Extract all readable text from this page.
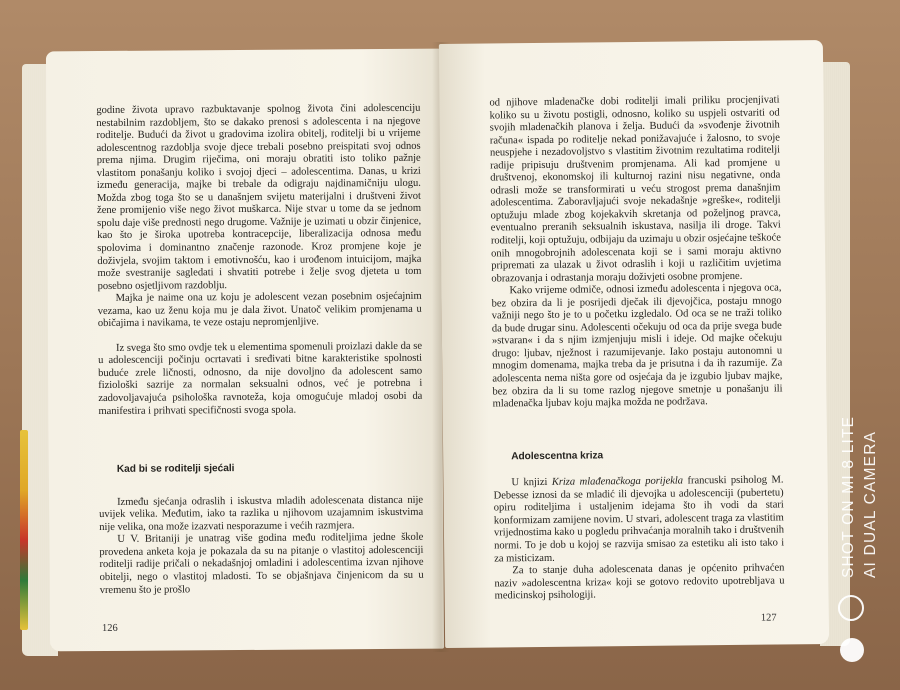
godine života upravo razbuktavanje spolnog života čini adolescenciju nestabilnim razdobljem, što se dakako prenosi s adolescenta i na njegove roditelje. Budući da život u gradovima izolira obitelj, roditelji bi u vrijeme adolescentnog razdoblja svoje djece trebali posebno preispitati svoj odnos prema njima. Drugim riječima, oni moraju obratiti isto toliko pažnje vlastitom ponašanju koliko i svojoj djeci – adolescentima. Danas, u krizi između generacija, majke bi trebale da odigraju najdinamičniju ulogu. Možda zbog toga što se u današnjem svijetu materijalni i društveni život žene promijenio više nego život muškarca. Nije stvar u tome da se jednom spolu daje više prednosti nego drugome. Važnije je uzimati u obzir činjenice, kao što je široka upotreba kontracepcije, liberalizacija odnosa među spolovima i dominantno značenje razonode. Kroz promjene koje je doživjela, svojim taktom i emotivnošću, kao i urođenom intuicijom, majka može svestranije sagledati i shvatiti potrebe i želje svog djeteta u tom posebno osjetljivom razdoblju.

Majka je naime ona uz koju je adolescent vezan posebnim osjećajnim vezama, kao uz ženu koja mu je dala život. Unatoč velikim promjenama u običajima i navikama, te veze ostaju nepromjenljive.

Iz svega što smo ovdje tek u elementima spomenuli proizlazi dakle da se u adolescenciji počinju ocrtavati i sređivati bitne karakteristike spolnosti buduće zrele ličnosti, odnosno, da nije dovoljno da adolescent samo fiziološki sazrije za normalan seksualni odnos, već je potrebna i zadovoljavajuća psihološka ravnoteža, koja omogućuje mladoj osobi da manifestira i prihvati specifičnosti svoga spola.

Kad bi se roditelji sjećali

Između sjećanja odraslih i iskustva mladih adolescenata distanca nije uvijek velika. Međutim, iako ta razlika u njihovom uzajamnim iskustvima nije velika, ona može izazvati nesporazume i većih razmjera.

U V. Britaniji je unatrag više godina među roditeljima jedne škole provedena anketa koja je pokazala da su na pitanje o vlastitoj adolescenciji roditelji radije pričali o nekadašnjoj omladini i adolescentima izvan njihove obitelji, nego o vlastitoj mladosti. To se objašnjava činjenicom da su u vremenu što je prošlo

126

od njihove mladenačke dobi roditelji imali priliku procjenjivati koliko su u životu postigli, odnosno, koliko su uspjeli ostvariti od svojih mladenačkih planova i želja. Budući da »svođenje životnih računa« ispada po roditelje nekad ponižavajuće i žalosno, to svoje neuspjehe i nezadovoljstvo s vlastitim životnim rezultatima roditelji radije pripisuju društvenim promjenama. Ali kad promjene u društvenoj, ekonomskoj ili kulturnoj razini nisu negativne, onda odrasli može se transformirati u veću strogost prema današnjim adolescentima. Zaboravljajući svoje nekadašnje »greške«, roditelji optužuju mlade zbog kojekakvih skretanja od poželjnog pravca, eventualno preranih seksualnih iskustava, nasilja ili droge. Takvi roditelji, koji optužuju, odbijaju da uzimaju u obzir osjećajne teškoće onih mnogobrojnih adolescenata koji se i sami moraju aktivno pripremati za ulazak u život odraslih i koji u različitim uvjetima obrazovanja i odrastanja moraju doživjeti osobne promjene.

Kako vrijeme odmiče, odnosi između adolescenta i njegova oca, bez obzira da li je posrijedi dječak ili djevojčica, postaju mnogo važniji nego što je to u početku izgledalo. Od oca se ne traži toliko da bude drugar sinu. Adolescenti očekuju od oca da prije svega bude »stvaran« i da s njim izmjenjuju misli i ideje. Od majke očekuju drugo: ljubav, nježnost i razumijevanje. Iako postaju autonomni u mnogim domenama, majka treba da je prisutna i da ih razumije. Za adolescenta nema ništa gore od osjećaja da je izgubio ljubav majke, bez obzira da li su tome razlog njegove smetnje u ponašanju ili mladenačka ljubav koju majka možda ne podržava.

Adolescentna kriza

U knjizi Kriza mlađenačkoga porijekla francuski psiholog M. Debesse iznosi da se mladić ili djevojka u adolescenciji (pubertetu) opiru roditeljima i ustaljenim idejama što ih vodi da stari konformizam zamijene novim. U stvari, adolescent traga za vlastitim vrijednostima kako u pogledu prihvaćanja moralnih tako i društvenih normi. To je dob u kojoj se razvija smisao za estetiku ali isto tako i za misticizam.

Za to stanje duha adolescenata danas je općenito prihvaćen naziv »adolescentna kriza« koji se gotovo redovito upotrebljava u medicinskoj psihologiji.

127
SHOT ON MI 8 LITE AI DUAL CAMERA
